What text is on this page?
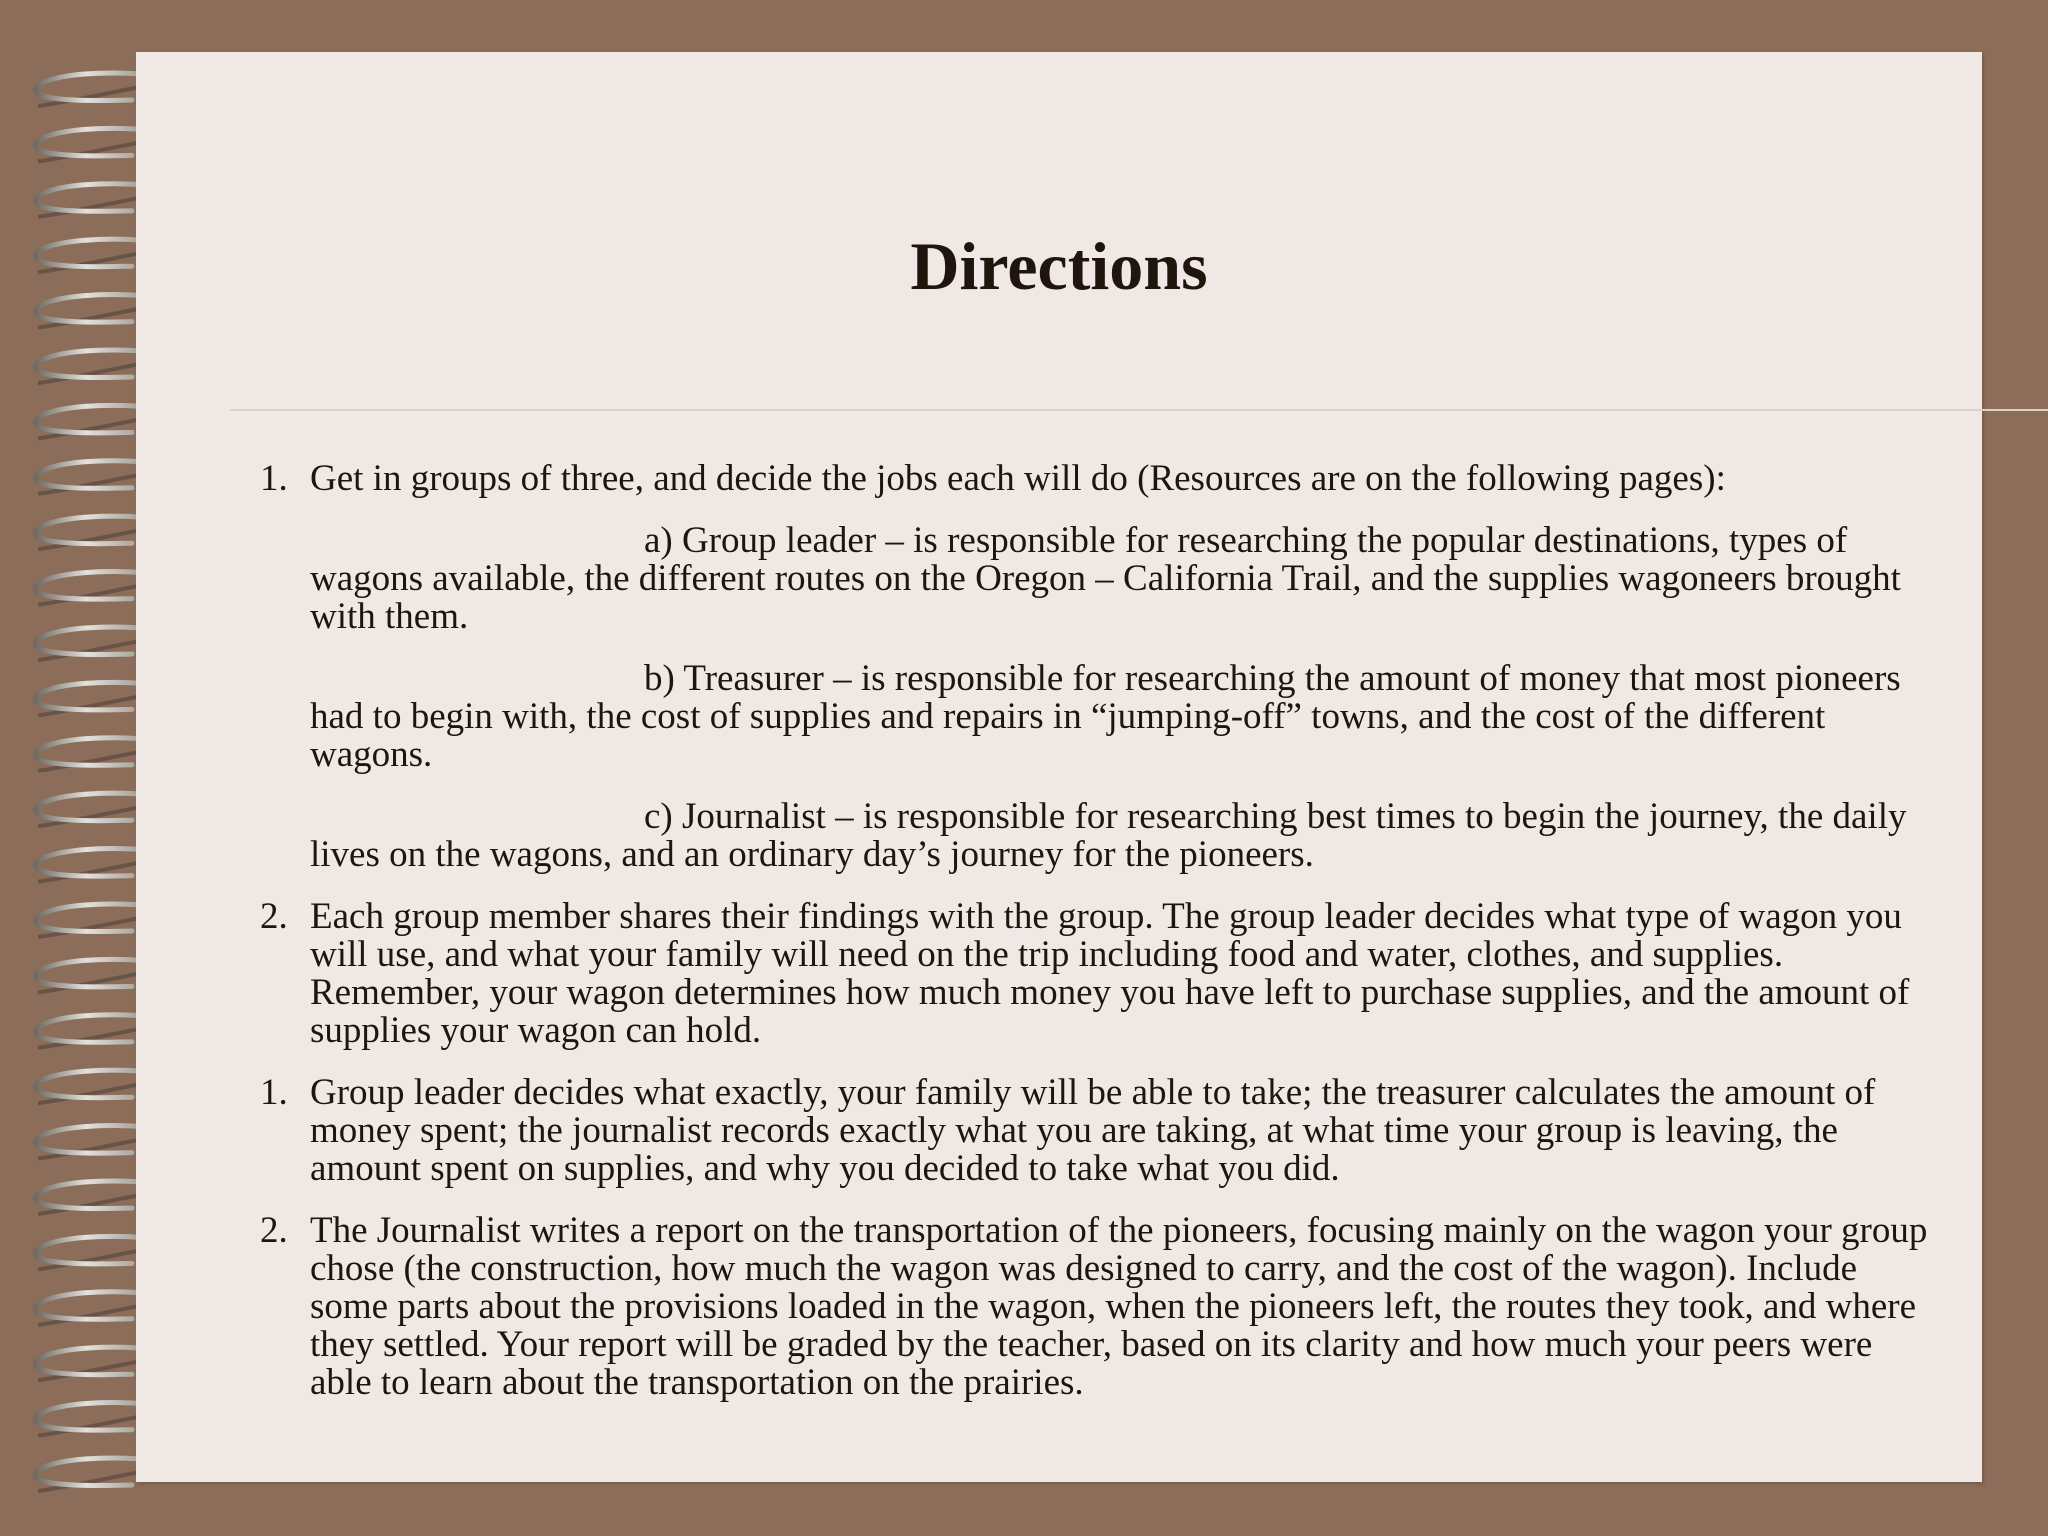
Directions
1. Get in groups of three, and decide the jobs each will do (Resources are on the following pages):
a) Group leader – is responsible for researching the popular destinations, types of wagons available, the different routes on the Oregon – California Trail, and the supplies wagoneers brought with them.
b) Treasurer – is responsible for researching the amount of money that most pioneers had to begin with, the cost of supplies and repairs in “jumping-off” towns, and the cost of the different wagons.
c) Journalist – is responsible for researching best times to begin the journey, the daily lives on the wagons, and an ordinary day’s journey for the pioneers.
2. Each group member shares their findings with the group. The group leader decides what type of wagon you will use, and what your family will need on the trip including food and water, clothes, and supplies. Remember, your wagon determines how much money you have left to purchase supplies, and the amount of supplies your wagon can hold.
1. Group leader decides what exactly, your family will be able to take; the treasurer calculates the amount of money spent; the journalist records exactly what you are taking, at what time your group is leaving, the amount spent on supplies, and why you decided to take what you did.
2. The Journalist writes a report on the transportation of the pioneers, focusing mainly on the wagon your group chose (the construction, how much the wagon was designed to carry, and the cost of the wagon). Include some parts about the provisions loaded in the wagon, when the pioneers left, the routes they took, and where they settled. Your report will be graded by the teacher, based on its clarity and how much your peers were able to learn about the transportation on the prairies.
